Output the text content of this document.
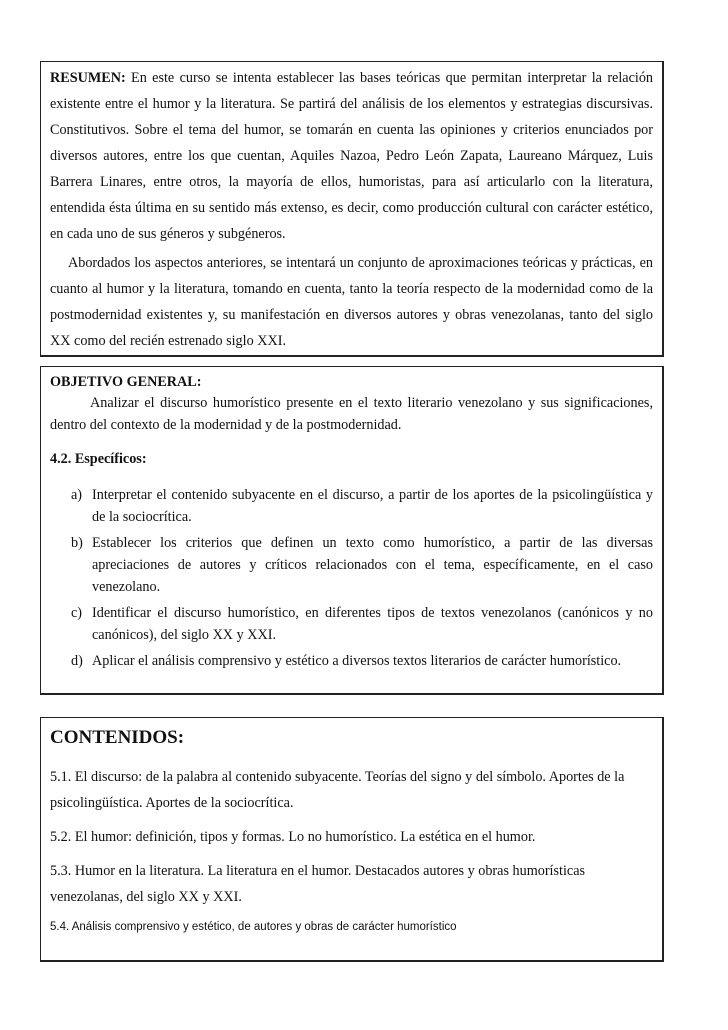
RESUMEN: En este curso se intenta establecer las bases teóricas que permitan interpretar la relación existente entre el humor y la literatura. Se partirá del análisis de los elementos y estrategias discursivas. Constitutivos. Sobre el tema del humor, se tomarán en cuenta las opiniones y criterios enunciados por diversos autores, entre los que cuentan, Aquiles Nazoa, Pedro León Zapata, Laureano Márquez, Luis Barrera Linares, entre otros, la mayoría de ellos, humoristas, para así articularlo con la literatura, entendida ésta última en su sentido más extenso, es decir, como producción cultural con carácter estético, en cada uno de sus géneros y subgéneros.

Abordados los aspectos anteriores, se intentará un conjunto de aproximaciones teóricas y prácticas, en cuanto al humor y la literatura, tomando en cuenta, tanto la teoría respecto de la modernidad como de la postmodernidad existentes y, su manifestación en diversos autores y obras venezolanas, tanto del siglo XX como del recién estrenado siglo XXI.

OBJETIVO GENERAL:

Analizar el discurso humorístico presente en el texto literario venezolano y sus significaciones, dentro del contexto de la modernidad y de la postmodernidad.

4.2. Específicos:

a) Interpretar el contenido subyacente en el discurso, a partir de los aportes de la psicolingüística y de la sociocrítica.
b) Establecer los criterios que definen un texto como humorístico, a partir de las diversas apreciaciones de autores y críticos relacionados con el tema, específicamente, en el caso venezolano.
c) Identificar el discurso humorístico, en diferentes tipos de textos venezolanos (canónicos y no canónicos), del siglo XX y XXI.
d) Aplicar el análisis comprensivo y estético a diversos textos literarios de carácter humorístico.

CONTENIDOS:

5.1. El discurso: de la palabra al contenido subyacente. Teorías del signo y del símbolo. Aportes de la psicolingüística. Aportes de la sociocrítica.

5.2. El humor: definición, tipos y formas. Lo no humorístico. La estética en el humor.

5.3. Humor en la literatura. La literatura en el humor. Destacados autores y obras humorísticas venezolanas, del siglo XX y XXI.

5.4. Análisis comprensivo y estético, de autores y obras de carácter humorístico
